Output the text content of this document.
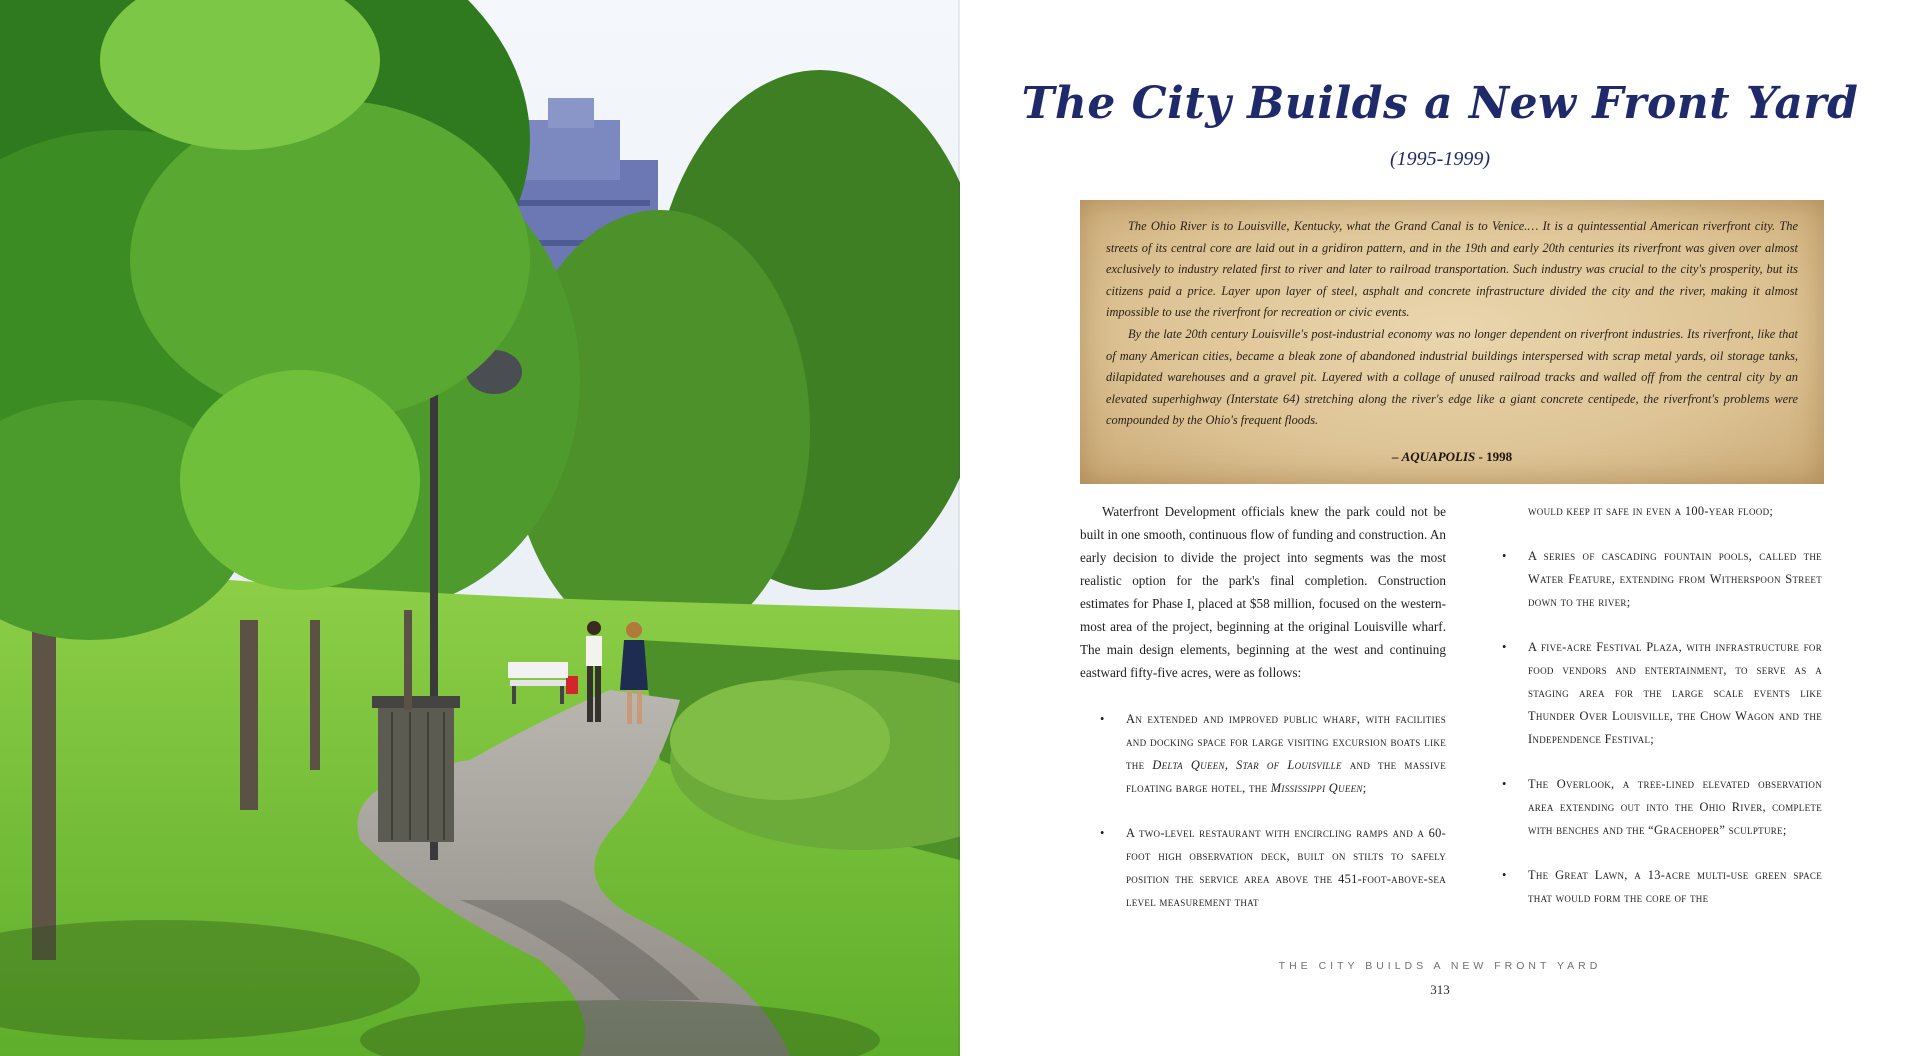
The City Builds a New Front Yard
(1995-1999)

The Ohio River is to Louisville, Kentucky, what the Grand Canal is to Venice.… It is a quintessential American riverfront city. The streets of its central core are laid out in a gridiron pattern, and in the 19th and early 20th centuries its riverfront was given over almost exclusively to industry related first to river and later to railroad transportation. Such industry was crucial to the city's prosperity, but its citizens paid a price. Layer upon layer of steel, asphalt and concrete infrastructure divided the city and the river, making it almost impossible to use the riverfront for recreation or civic events.

By the late 20th century Louisville's post-industrial economy was no longer dependent on riverfront industries. Its riverfront, like that of many American cities, became a bleak zone of abandoned industrial buildings interspersed with scrap metal yards, oil storage tanks, dilapidated warehouses and a gravel pit. Layered with a collage of unused railroad tracks and walled off from the central city by an elevated superhighway (Interstate 64) stretching along the river's edge like a giant concrete centipede, the riverfront's problems were compounded by the Ohio's frequent floods.

– AQUAPOLIS - 1998

Waterfront Development officials knew the park could not be built in one smooth, continuous flow of funding and construction. An early decision to divide the project into segments was the most realistic option for the park's final completion. Construction estimates for Phase I, placed at $58 million, focused on the western-most area of the project, beginning at the original Louisville wharf. The main design elements, beginning at the west and continuing eastward fifty-five acres, were as follows:

• An extended and improved public wharf, with facilities and docking space for large visiting excursion boats like the Delta Queen, Star of Louisville and the massive floating barge hotel, the Mississippi Queen;
• A two-level restaurant with encircling ramps and a 60-foot high observation deck, built on stilts to safely position the service area above the 451-foot-above-sea level measurement that
would keep it safe in even a 100-year flood;
• A series of cascading fountain pools, called the Water Feature, extending from Witherspoon Street down to the river;
• A five-acre Festival Plaza, with infrastructure for food vendors and entertainment, to serve as a staging area for the large scale events like Thunder Over Louisville, the Chow Wagon and the Independence Festival;
• The Overlook, a tree-lined elevated observation area extending out into the Ohio River, complete with benches and the “Gracehoper” sculpture;
• The Great Lawn, a 13-acre multi-use green space that would form the core of the
THE CITY BUILDS A NEW FRONT YARD
313
